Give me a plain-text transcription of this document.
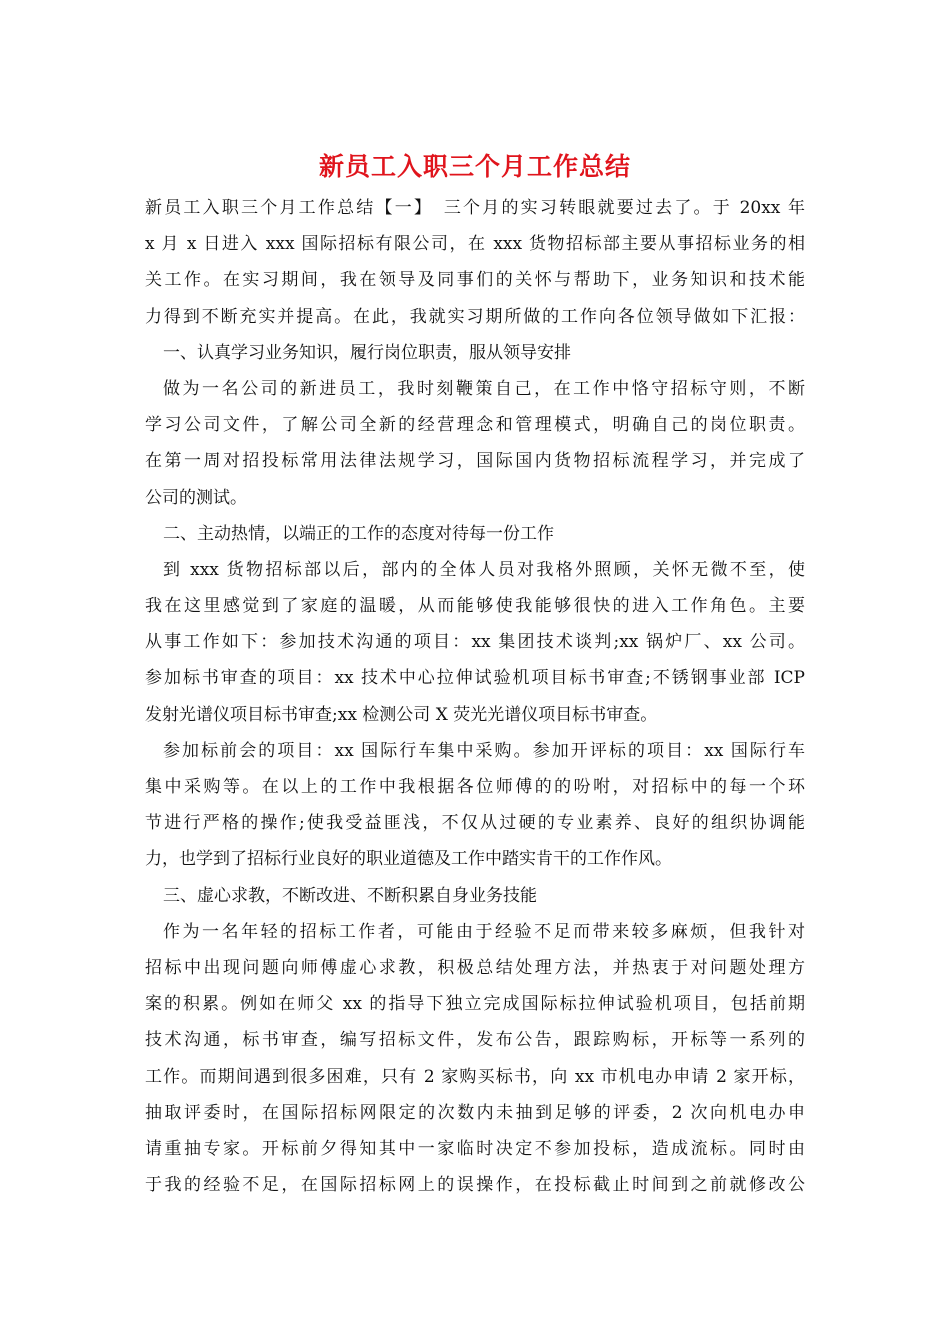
新员工入职三个月工作总结
新员工入职三个月工作总结【一】　三个月的实习转眼就要过去了。于 20xx 年
x 月 x 日进入 xxx 国际招标有限公司，在 xxx 货物招标部主要从事招标业务的相
关工作。在实习期间，我在领导及同事们的关怀与帮助下，业务知识和技术能
力得到不断充实并提高。在此，我就实习期所做的工作向各位领导做如下汇报：
一、认真学习业务知识，履行岗位职责，服从领导安排
做为一名公司的新进员工，我时刻鞭策自己，在工作中恪守招标守则，不断
学习公司文件，了解公司全新的经营理念和管理模式，明确自己的岗位职责。
在第一周对招投标常用法律法规学习，国际国内货物招标流程学习，并完成了
公司的测试。
二、主动热情，以端正的工作的态度对待每一份工作
到 xxx 货物招标部以后，部内的全体人员对我格外照顾，关怀无微不至，使
我在这里感觉到了家庭的温暖，从而能够使我能够很快的进入工作角色。主要
从事工作如下：参加技术沟通的项目：xx 集团技术谈判;xx 锅炉厂、xx 公司。
参加标书审查的项目：xx 技术中心拉伸试验机项目标书审查;不锈钢事业部 ICP
发射光谱仪项目标书审查;xx 检测公司 X 荧光光谱仪项目标书审查。
参加标前会的项目：xx 国际行车集中采购。参加开评标的项目：xx 国际行车
集中采购等。在以上的工作中我根据各位师傅的的吩咐，对招标中的每一个环
节进行严格的操作;使我受益匪浅，不仅从过硬的专业素养、良好的组织协调能
力，也学到了招标行业良好的职业道德及工作中踏实肯干的工作作风。
三、虚心求教，不断改进、不断积累自身业务技能
作为一名年轻的招标工作者，可能由于经验不足而带来较多麻烦，但我针对
招标中出现问题向师傅虚心求教，积极总结处理方法，并热衷于对问题处理方
案的积累。例如在师父 xx 的指导下独立完成国际标拉伸试验机项目，包括前期
技术沟通，标书审查，编写招标文件，发布公告，跟踪购标，开标等一系列的
工作。而期间遇到很多困难，只有 2 家购买标书，向 xx 市机电办申请 2 家开标，
抽取评委时，在国际招标网限定的次数内未抽到足够的评委，2 次向机电办申
请重抽专家。开标前夕得知其中一家临时决定不参加投标，造成流标。同时由
于我的经验不足，在国际招标网上的误操作，在投标截止时间到之前就修改公
